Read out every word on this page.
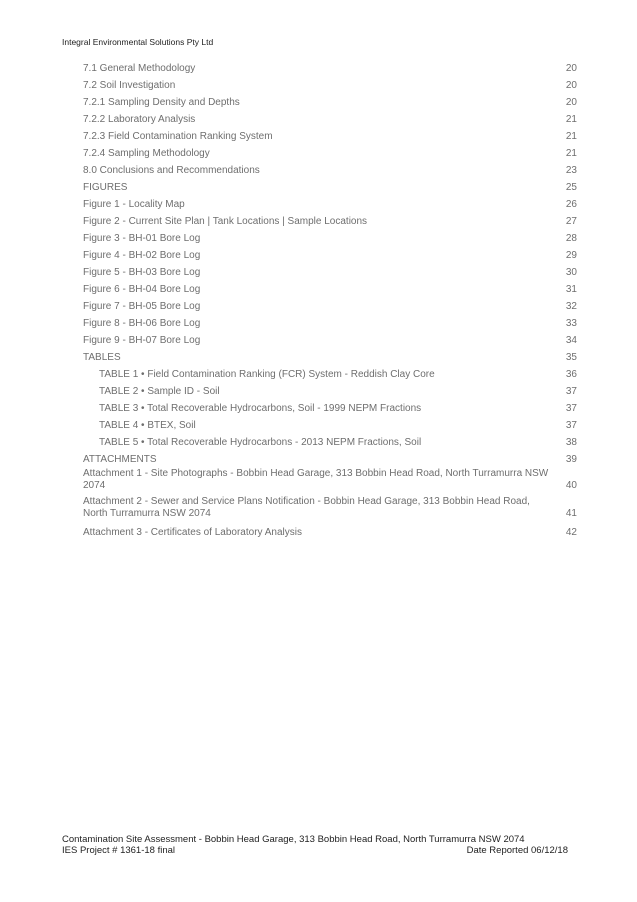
Integral Environmental Solutions Pty Ltd
7.1 General Methodology	20
7.2 Soil Investigation	20
7.2.1 Sampling Density and Depths	20
7.2.2 Laboratory Analysis	21
7.2.3 Field Contamination Ranking System	21
7.2.4 Sampling Methodology	21
8.0 Conclusions and Recommendations	23
FIGURES	25
Figure 1 - Locality Map	26
Figure 2 - Current Site Plan | Tank Locations | Sample Locations	27
Figure 3 - BH-01 Bore Log	28
Figure 4 - BH-02 Bore Log	29
Figure 5 - BH-03 Bore Log	30
Figure 6 - BH-04 Bore Log	31
Figure 7 - BH-05 Bore Log	32
Figure 8 - BH-06 Bore Log	33
Figure 9 - BH-07 Bore Log	34
TABLES	35
TABLE 1 • Field Contamination Ranking (FCR) System - Reddish Clay Core	36
TABLE 2 • Sample ID - Soil	37
TABLE 3 • Total Recoverable Hydrocarbons, Soil - 1999 NEPM Fractions	37
TABLE 4 • BTEX, Soil	37
TABLE 5 • Total Recoverable Hydrocarbons - 2013 NEPM Fractions, Soil	38
ATTACHMENTS	39
Attachment 1 - Site Photographs - Bobbin Head Garage, 313 Bobbin Head Road, North Turramurra NSW 2074	40
Attachment 2 - Sewer and Service Plans Notification - Bobbin Head Garage, 313 Bobbin Head Road, North Turramurra NSW 2074	41
Attachment 3 - Certificates of Laboratory Analysis	42
Contamination Site Assessment - Bobbin Head Garage, 313 Bobbin Head Road, North Turramurra NSW 2074
IES Project # 1361-18 final	Date Reported 06/12/18
